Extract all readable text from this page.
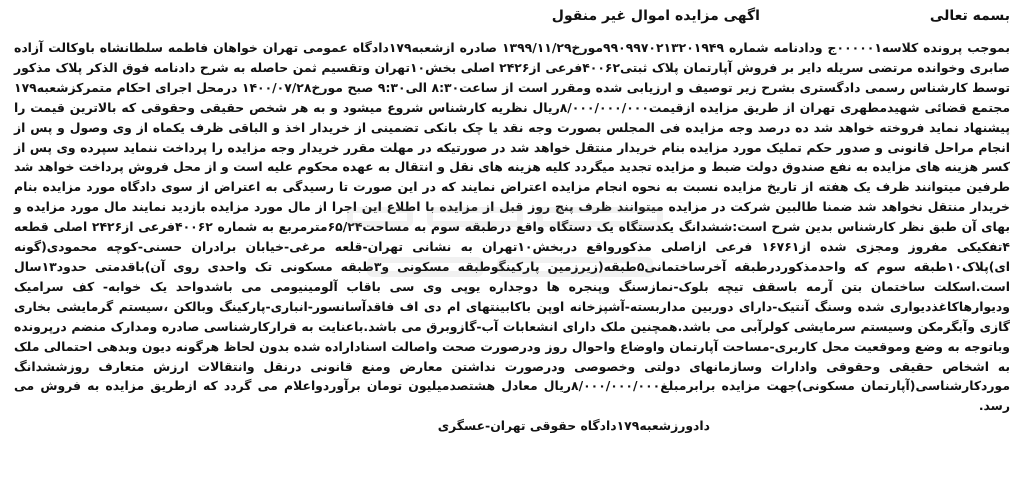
بسمه تعالی
اگهی مزایده اموال غیر منقول

بموجب پرونده کلاسه۰۰۰۰۰۱ج ودادنامه شماره ۹۹۰۹۹۷۰۲۱۳۲۰۱۹۴۹مورخ۱۳۹۹/۱۱/۲۹ صادره ازشعبه۱۷۹دادگاه عمومی تهران خواهان فاطمه سلطانشاه باوکالت آزاده صابری وخوانده مرتضی سریله دایر بر فروش آپارتمان پلاک ثبتی۴۰۰۶۲فرعی از۲۴۲۶ اصلی بخش۱۰تهران وتقسیم ثمن حاصله به شرح دادنامه فوق الذکر پلاک مذکور توسط کارشناس رسمی دادگستری بشرح زیر توصیف و ارزیابی شده ومقرر است از ساعت۸:۳۰ الی۹:۳۰ صبح مورخ۱۴۰۰/۰۷/۲۸ درمحل اجرای احکام متمرکزشعبه۱۷۹ مجتمع قضائی شهیدمطهری تهران از طریق مزایده ازقیمت۸/۰۰۰/۰۰۰/۰۰۰ریال نظریه کارشناس شروع میشود و به هر شخص حقیقی وحقوقی که بالاترین قیمت را پیشنهاد نماید فروخته خواهد شد ده درصد وجه مزایده فی المجلس بصورت وجه نقد یا چک بانکی تضمینی از خریدار اخذ و الباقی ظرف یکماه از وی وصول و پس از انجام مراحل قانونی و صدور حکم تملیک مورد مزایده بنام خریدار منتقل خواهد شد در صورتیکه در مهلت مقرر خریدار وجه مزایده را پرداخت ننماید سپرده وی پس از کسر هزینه های مزایده به نفع صندوق دولت ضبط و مزایده تجدید میگردد کلیه هزینه های نقل و انتقال به عهده محکوم علیه است و از محل فروش پرداخت خواهد شد طرفین میتوانند ظرف یک هفته از تاریخ مزایده نسبت به نحوه انجام مزایده اعتراض نمایند که در این صورت تا رسیدگی به اعتراض از سوی دادگاه مورد مزایده بنام خریدار منتقل نخواهد شد ضمنا طالبین شرکت در مزایده میتوانند ظرف پنج روز قبل از مزایده با اطلاع این اجرا از مال مورد مزایده بازدید نمایند مال مورد مزایده و بهای آن طبق نظر کارشناس بدین شرح است:ششدانگ یکدستگاه یک دستگاه واقع درطبقه سوم به مساحت۶۵/۲۴مترمربع به شماره ۴۰۰۶۲فرعی از۲۴۲۶ اصلی قطعه ۴تفکیکی مفروز ومجزی شده از۱۶۷۶۱ فرعی ازاصلی مذکورواقع دربخش۱۰تهران به نشانی تهران-قلعه مرغی-خیابان برادران حسنی-کوچه محمودی(گونه ای)پلاک۱۰طبقه سوم که واحدمذکوردرطبقه آخرساختمانی۵طبقه(زیرزمین پارکینگوطبقه مسکونی و۳طبقه مسکونی تک واحدی روی آن)باقدمتی حدود۱۳سال است.اسکلت ساختمان بتن آرمه باسقف تیچه بلوک-نمازسنگ وپنجره ها دوجداره یوپی وی سی باقاب آلومینیومی می باشدواحد یک خوابه- کف سرامیک ودیوارهاکاغذدیواری شده وسنگ آنتیک-دارای دوربین مداربسته-آشپزخانه اوپن باکابینتهای ام دی اف فاقدآسانسور-انباری-پارکینگ وبالکن ،سیستم گرمایشی بخاری گازی وآبگرمکن وسیستم سرمایشی کولرآبی می باشد.همچنین ملک دارای انشعابات آب-گازوبرق می باشد.باعنایت به قرارکارشناسی صادره ومدارک منضم درپرونده وباتوجه به وضع وموقعیت محل کاربری-مساحت آپارتمان واوضاع واحوال روز ودرصورت صحت واصالت اسناداراده شده بدون لحاظ هرگونه دیون وبدهی احتمالی ملک به اشخاص حقیقی وحقوقی وادارات وسازمانهای دولتی وخصوصی ودرصورت نداشتن معارض ومنع قانونی درنقل وانتقالات ارزش متعارف روزششدانگ موردکارشناسی(آپارتمان مسکونی)جهت مزایده برابرمبلغ۸/۰۰۰/۰۰۰/۰۰۰ریال معادل هشتصدمیلیون تومان برآوردواعلام می گردد که ازطریق مزایده به فروش می رسد.

دادورزشعبه۱۷۹دادگاه حقوقی تهران-عسگری
